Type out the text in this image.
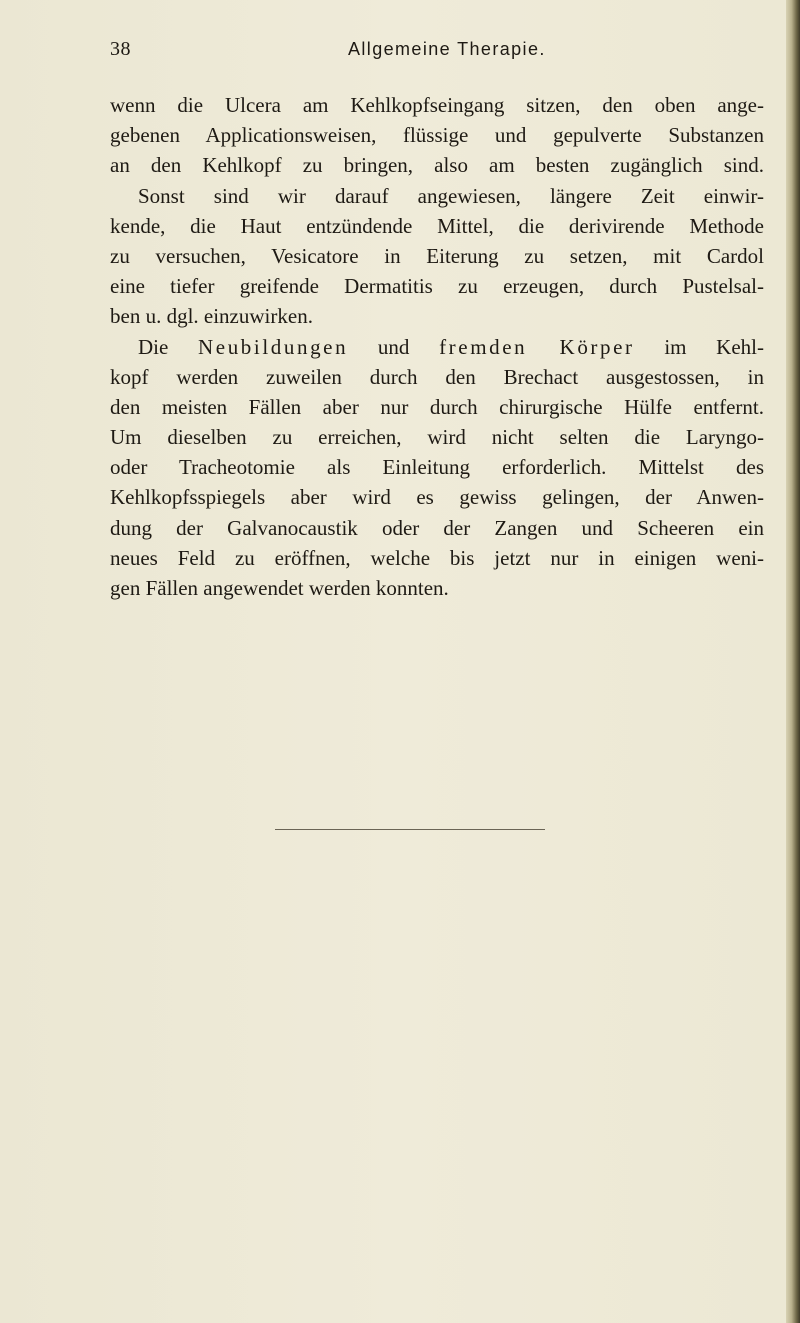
38	Allgemeine Therapie.
wenn die Ulcera am Kehlkopfseingang sitzen, den oben ange-
gebenen Applicationsweisen, flüssige und gepulverte Substanzen
an den Kehlkopf zu bringen, also am besten zugänglich sind.
Sonst sind wir darauf angewiesen, längere Zeit einwir-
kende, die Haut entzündende Mittel, die derivirende Methode
zu versuchen, Vesicatore in Eiterung zu setzen, mit Cardol
eine tiefer greifende Dermatitis zu erzeugen, durch Pustelsal-
ben u. dgl. einzuwirken.
Die Neubildungen und fremden Körper im Kehl-
kopf werden zuweilen durch den Brechact ausgestossen, in
den meisten Fällen aber nur durch chirurgische Hülfe entfernt.
Um dieselben zu erreichen, wird nicht selten die Laryngo-
oder Tracheotomie als Einleitung erforderlich. Mittelst des
Kehlkopfsspiegels aber wird es gewiss gelingen, der Anwen-
dung der Galvanocaustik oder der Zangen und Scheeren ein
neues Feld zu eröffnen, welche bis jetzt nur in einigen weni-
gen Fällen angewendet werden konnten.
